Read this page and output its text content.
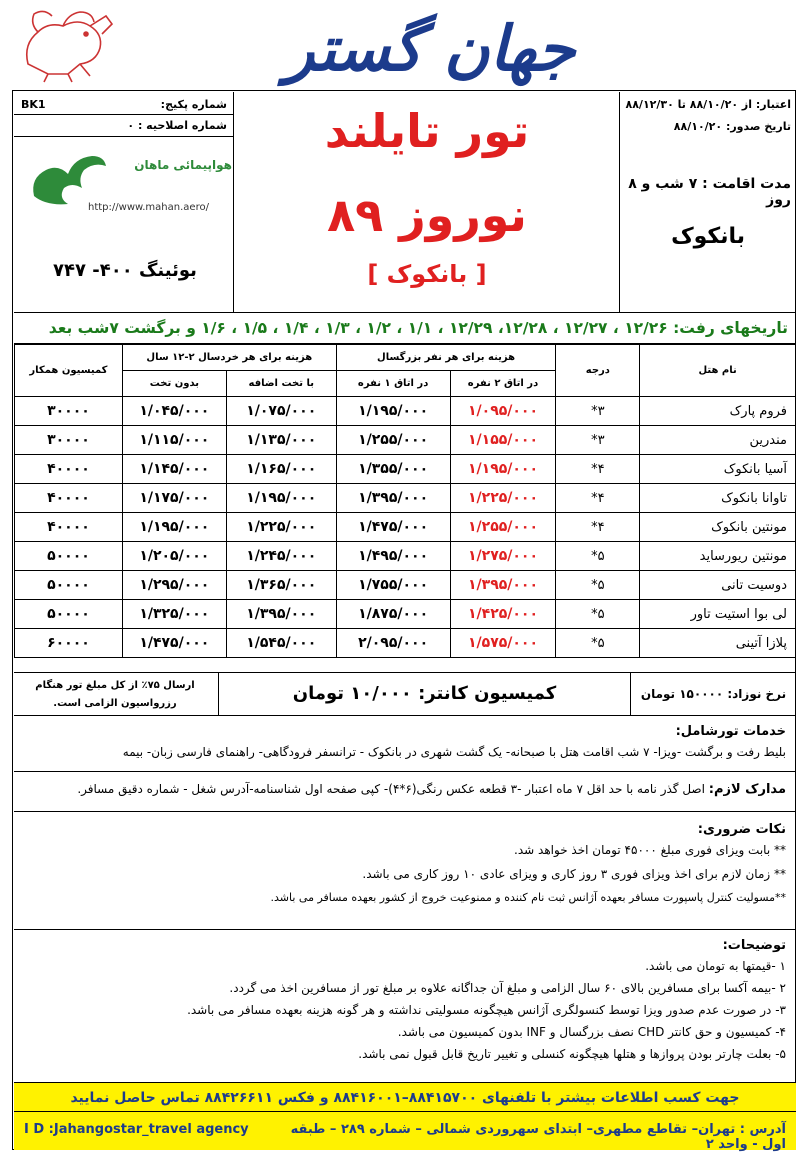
جهان گستر
اعتبار: از ۸۸/۱۰/۲۰ تا ۸۸/۱۲/۳۰
تاریخ صدور: ۸۸/۱۰/۲۰
مدت اقامت : ۷ شب و ۸ روز
بانکوک
تور تایلند
نوروز ۸۹
[ بانکوک ]
شماره پکیج:
BK1
شماره اصلاحیه : ۰
هواپیمائی ماهان
http://www.mahan.aero/
بوئینگ ۴۰۰- ۷۴۷
تاریخهای رفت: ۱۲/۲۶ ، ۱۲/۲۷ ، ۱۲/۲۸، ۱۲/۲۹ ، ۱/۱ ، ۱/۲ ، ۱/۳ ، ۱/۴ ، ۱/۵ ، ۱/۶ و برگشت ۷شب بعد
نام هتل	درجه	هزینه برای هر نفر بزرگسال		هزینه برای هر خردسال ۲-۱۲ سال		کمیسیون همکار
		در اتاق ۲ نفره	در اتاق ۱ نفره	با تخت اضافه	بدون تخت	
فروم پارک	۳*	۱/۰۹۵/۰۰۰	۱/۱۹۵/۰۰۰	۱/۰۷۵/۰۰۰	۱/۰۴۵/۰۰۰	۳۰۰۰۰
مندرین	۳*	۱/۱۵۵/۰۰۰	۱/۲۵۵/۰۰۰	۱/۱۳۵/۰۰۰	۱/۱۱۵/۰۰۰	۳۰۰۰۰
آسیا بانکوک	۴*	۱/۱۹۵/۰۰۰	۱/۳۵۵/۰۰۰	۱/۱۶۵/۰۰۰	۱/۱۴۵/۰۰۰	۴۰۰۰۰
تاوانا بانکوک	۴*	۱/۲۲۵/۰۰۰	۱/۳۹۵/۰۰۰	۱/۱۹۵/۰۰۰	۱/۱۷۵/۰۰۰	۴۰۰۰۰
مونتین بانکوک	۴*	۱/۲۵۵/۰۰۰	۱/۴۷۵/۰۰۰	۱/۲۲۵/۰۰۰	۱/۱۹۵/۰۰۰	۴۰۰۰۰
مونتین ریورساید	۵*	۱/۲۷۵/۰۰۰	۱/۴۹۵/۰۰۰	۱/۲۴۵/۰۰۰	۱/۲۰۵/۰۰۰	۵۰۰۰۰
دوسیت تانی	۵*	۱/۳۹۵/۰۰۰	۱/۷۵۵/۰۰۰	۱/۳۶۵/۰۰۰	۱/۲۹۵/۰۰۰	۵۰۰۰۰
لی بوا استیت تاور	۵*	۱/۴۲۵/۰۰۰	۱/۸۷۵/۰۰۰	۱/۳۹۵/۰۰۰	۱/۳۲۵/۰۰۰	۵۰۰۰۰
پلازا آتینی	۵*	۱/۵۷۵/۰۰۰	۲/۰۹۵/۰۰۰	۱/۵۴۵/۰۰۰	۱/۴۷۵/۰۰۰	۶۰۰۰۰
نرخ نوزاد: ۱۵۰۰۰۰ تومان
کمیسیون کانتر: ۱۰/۰۰۰ تومان
ارسال ۷۵٪ از کل مبلغ تور هنگام رزرواسیون الزامی است.
خدمات تورشامل:
بلیط رفت و برگشت -ویزا- ۷ شب اقامت هتل با صبحانه- یک گشت شهری در بانکوک - ترانسفر فرودگاهی- راهنمای فارسی زبان- بیمه
مدارک لازم: اصل گذر نامه با حد اقل ۷ ماه اعتبار -۳ قطعه عکس رنگی(۶*۴)- کپی صفحه اول شناسنامه-آدرس شغل - شماره دقیق مسافر.
نکات ضروری:

** بابت ویزای فوری مبلغ ۴۵۰۰۰ تومان اخذ خواهد شد.

** زمان لازم برای اخذ ویزای فوری ۳ روز کاری و ویزای عادی ۱۰ روز کاری می باشد.

**مسولیت کنترل پاسپورت مسافر بعهده آژانس ثبت نام کننده و ممنوعیت خروج از کشور بعهده مسافر می باشد.

توضیحات:

۱ -قیمتها به تومان می باشد.

۲ -بیمه آکسا برای مسافرین بالای ۶۰ سال الزامی و مبلغ آن جداگانه علاوه بر مبلغ تور از مسافرین اخذ می گردد.

۳- در صورت عدم صدور ویزا توسط کنسولگری آژانس هیچگونه مسولیتی نداشته و هر گونه هزینه بعهده مسافر می باشد.

۴- کمیسیون و حق کانتر CHD نصف بزرگسال و INF بدون کمیسیون می باشد.

۵- بعلت چارتر بودن پروازها و هتلها هیچگونه کنسلی و تغییر تاریخ قابل قبول نمی باشد.

جهت کسب اطلاعات بیشتر با تلفنهای ۸۸۴۱۵۷۰۰–۸۸۴۱۶۰۰۱ و فکس ۸۸۴۲۶۶۱۱ تماس حاصل نمایید
آدرس : تهران– تقاطع مطهری– ابتدای سهروردی شمالی – شماره ۲۸۹ – طبقه اول - واحد ۲
I D :Jahangostar_travel agency
